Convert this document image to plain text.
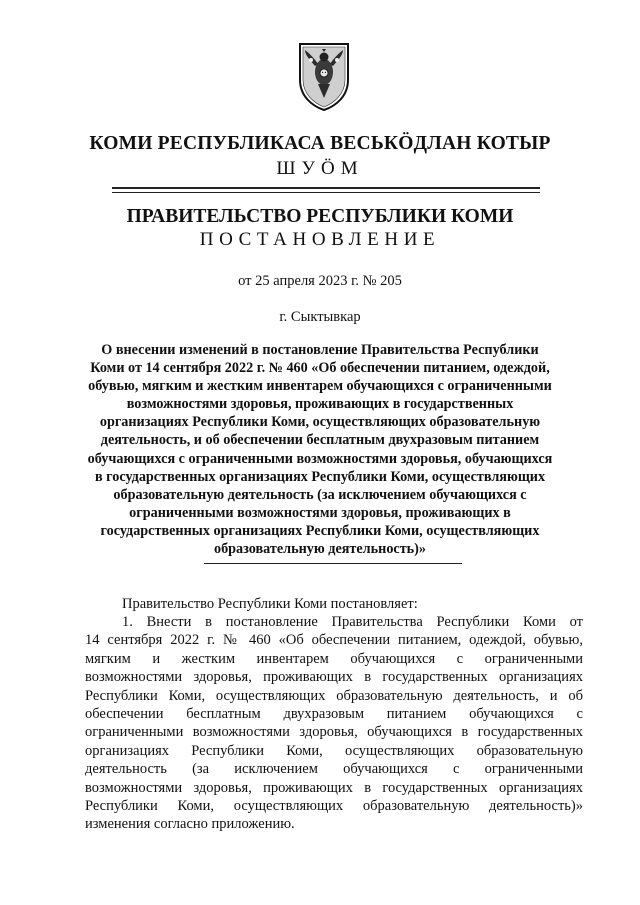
КОМИ РЕСПУБЛИКАСА ВЕСЬКӦДЛАН КОТЫР
ШУӦМ
ПРАВИТЕЛЬСТВО РЕСПУБЛИКИ КОМИ
ПОСТАНОВЛЕНИЕ
от 25 апреля 2023 г. № 205
г. Сыктывкар
О внесении изменений в постановление Правительства Республики
Коми от 14 сентября 2022 г. № 460 «Об обеспечении питанием, одеждой,
обувью, мягким и жестким инвентарем обучающихся с ограниченными
возможностями здоровья, проживающих в государственных
организациях Республики Коми, осуществляющих образовательную
деятельность, и об обеспечении бесплатным двухразовым питанием
обучающихся с ограниченными возможностями здоровья, обучающихся
в государственных организациях Республики Коми, осуществляющих
образовательную деятельность (за исключением обучающихся с
ограниченными возможностями здоровья, проживающих в
государственных организациях Республики Коми, осуществляющих
образовательную деятельность)»
Правительство Республики Коми постановляет:
1. Внести в постановление Правительства Республики Коми от
14 сентября 2022 г. № 460 «Об обеспечении питанием, одеждой, обувью,
мягким и жестким инвентарем обучающихся с ограниченными
возможностями здоровья, проживающих в государственных организациях
Республики Коми, осуществляющих образовательную деятельность, и об
обеспечении бесплатным двухразовым питанием обучающихся с
ограниченными возможностями здоровья, обучающихся в государственных
организациях Республики Коми, осуществляющих образовательную
деятельность (за исключением обучающихся с ограниченными
возможностями здоровья, проживающих в государственных организациях
Республики Коми, осуществляющих образовательную деятельность)»
изменения согласно приложению.
